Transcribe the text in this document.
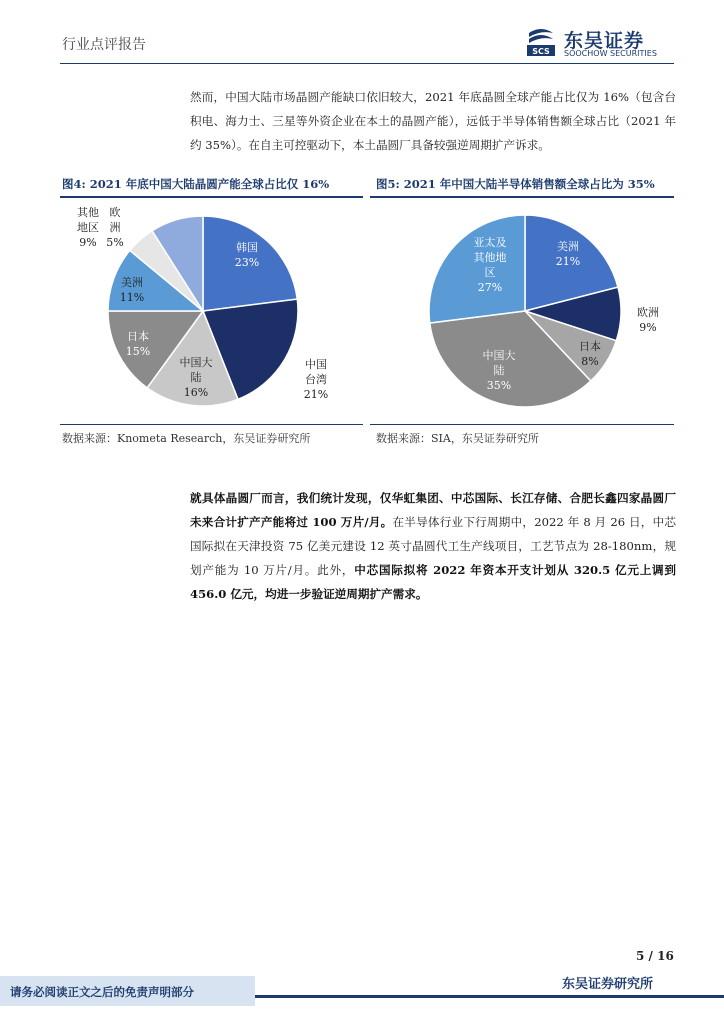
行业点评报告	SCS 东吴证券
SOOCHOW SECURITIES
然而，中国大陆市场晶圆产能缺口依旧较大，2021 年底晶圆全球产能占比仅为 16%（包含台积电、海力士、三星等外资企业在本土的晶圆产能），远低于半导体销售额全球占比（2021 年约 35%）。在自主可控驱动下，本土晶圆厂具备较强逆周期扩产诉求。
图4: 2021 年底中国大陆晶圆产能全球占比仅 16%	图5: 2021 年中国大陆半导体销售额全球占比为 35%
韩国 23%
中国台湾 21%
中国大陆 16%
日本 15%
美洲 11%
欧洲 5%
其他地区 9%	美洲 21%
欧洲 9%
日本 8%
中国大陆 35%
亚太及其他地区 27%
数据来源：Knometa Research，东吴证券研究所	数据来源：SIA，东吴证券研究所
就具体晶圆厂而言，我们统计发现，仅华虹集团、中芯国际、长江存储、合肥长鑫四家晶圆厂未来合计扩产产能将过 100 万片/月。在半导体行业下行周期中，2022 年 8 月 26 日，中芯国际拟在天津投资 75 亿美元建设 12 英寸晶圆代工生产线项目，工艺节点为 28-180nm，规划产能为 10 万片/月。此外，中芯国际拟将 2022 年资本开支计划从 320.5 亿元上调到 456.0 亿元，均进一步验证逆周期扩产需求。
5 / 16
东吴证券研究所
请务必阅读正文之后的免责声明部分
